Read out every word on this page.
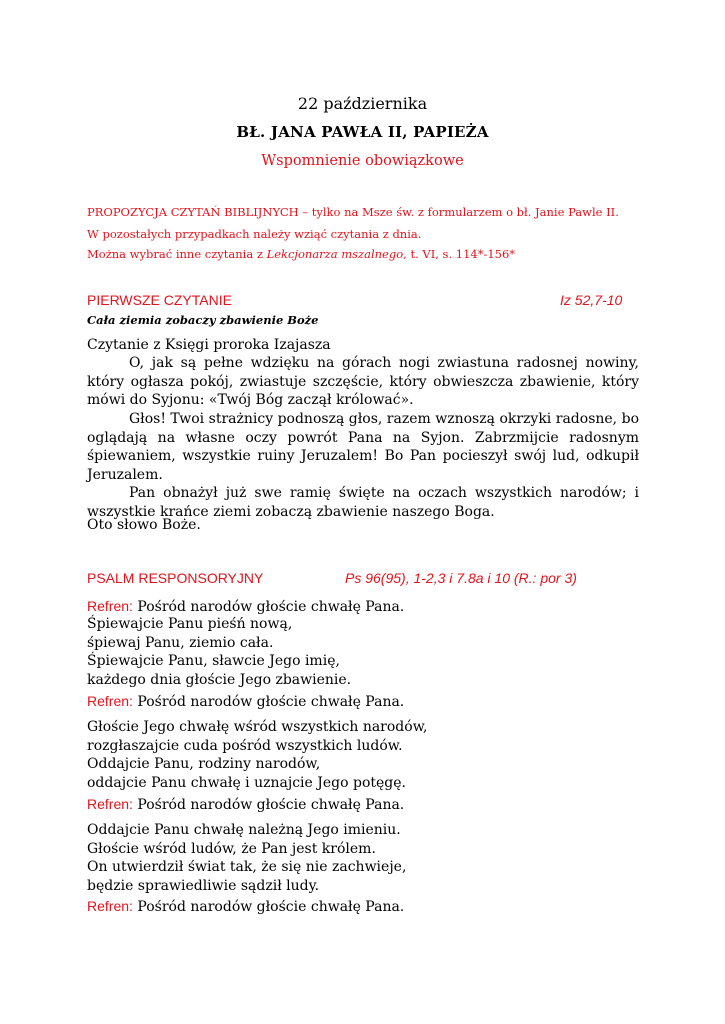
22 października
BŁ. JANA PAWŁA II, PAPIEŻA
Wspomnienie obowiązkowe
PROPOZYCJA CZYTAŃ BIBLIJNYCH – tylko na Msze św. z formularzem o bł. Janie Pawle II.
W pozostałych przypadkach należy wziąć czytania z dnia.
Można wybrać inne czytania z Lekcjonarza mszalnego, t. VI, s. 114*-156*
PIERWSZE CZYTANIE	Iz 52,7-10
Cała ziemia zobaczy zbawienie Boże
Czytanie z Księgi proroka Izajasza
O, jak są pełne wdzięku na górach nogi zwiastuna radosnej nowiny, który ogłasza pokój, zwiastuje szczęście, który obwieszcza zbawienie, który mówi do Syjonu: «Twój Bóg zaczął królować».
Głos! Twoi strażnicy podnoszą głos, razem wznoszą okrzyki radosne, bo oglądają na własne oczy powrót Pana na Syjon. Zabrzmijcie radosnym śpiewaniem, wszystkie ruiny Jeruzalem! Bo Pan pocieszył swój lud, odkupił Jeruzalem.
Pan obnażył już swe ramię święte na oczach wszystkich narodów; i wszystkie krańce ziemi zobaczą zbawienie naszego Boga.
Oto słowo Boże.
PSALM RESPONSORYJNY	Ps 96(95), 1-2,3 i 7.8a i 10 (R.: por 3)
Refren: Pośród narodów głoście chwałę Pana.
Śpiewajcie Panu pieśń nową,
śpiewaj Panu, ziemio cała.
Śpiewajcie Panu, sławcie Jego imię,
każdego dnia głoście Jego zbawienie.
Refren: Pośród narodów głoście chwałę Pana.
Głoście Jego chwałę wśród wszystkich narodów,
rozgłaszajcie cuda pośród wszystkich ludów.
Oddajcie Panu, rodziny narodów,
oddajcie Panu chwałę i uznajcie Jego potęgę.
Refren: Pośród narodów głoście chwałę Pana.
Oddajcie Panu chwałę należną Jego imieniu.
Głoście wśród ludów, że Pan jest królem.
On utwierdził świat tak, że się nie zachwieje,
będzie sprawiedliwie sądził ludy.
Refren: Pośród narodów głoście chwałę Pana.
